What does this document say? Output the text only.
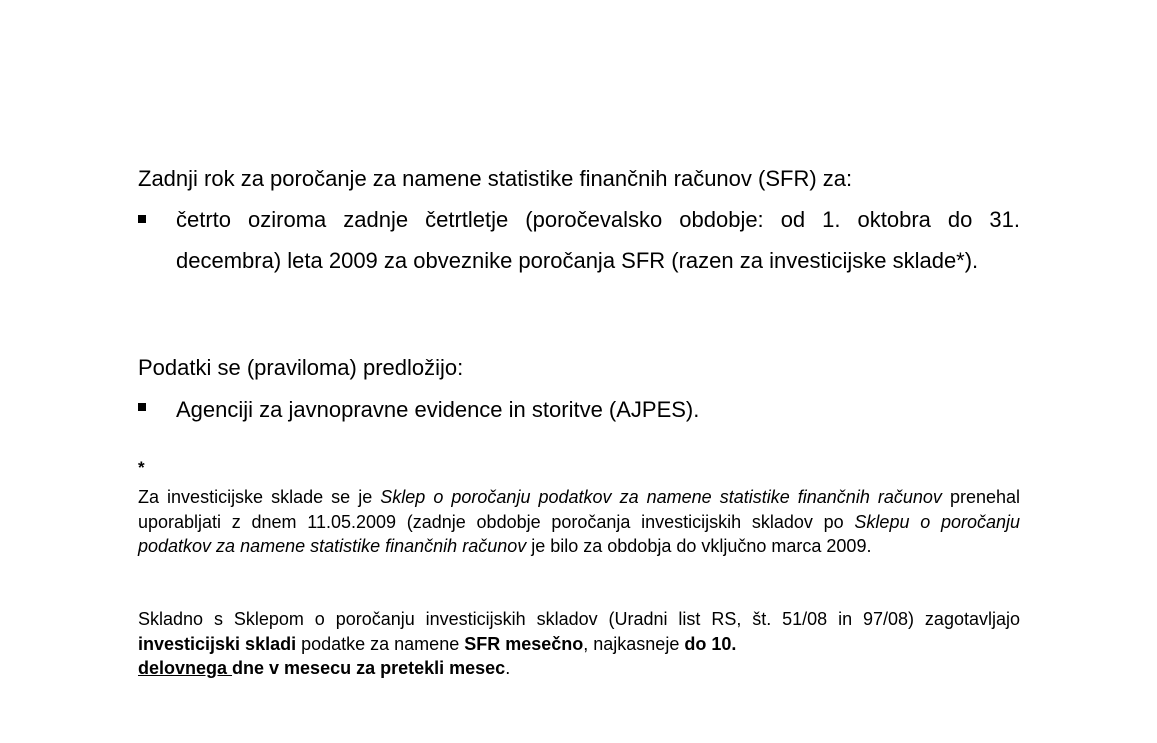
Zadnji rok za poročanje za namene statistike finančnih računov (SFR) za:
četrto oziroma zadnje četrtletje (poročevalsko obdobje: od 1. oktobra do 31. decembra) leta 2009 za obveznike poročanja SFR (razen za investicijske sklade*).
Podatki se (praviloma) predložijo:
Agenciji za javnopravne evidence in storitve (AJPES).
*
Za investicijske sklade se je Sklep o poročanju podatkov za namene statistike finančnih računov prenehal uporabljati z dnem 11.05.2009 (zadnje obdobje poročanja investicijskih skladov po Sklepu o poročanju podatkov za namene statistike finančnih računov je bilo za obdobja do vključno marca 2009.
Skladno s Sklepom o poročanju investicijskih skladov (Uradni list RS, št. 51/08 in 97/08) zagotavljajo investicijski skladi podatke za namene SFR mesečno, najkasneje do 10.
delovnega dne v mesecu za pretekli mesec.
